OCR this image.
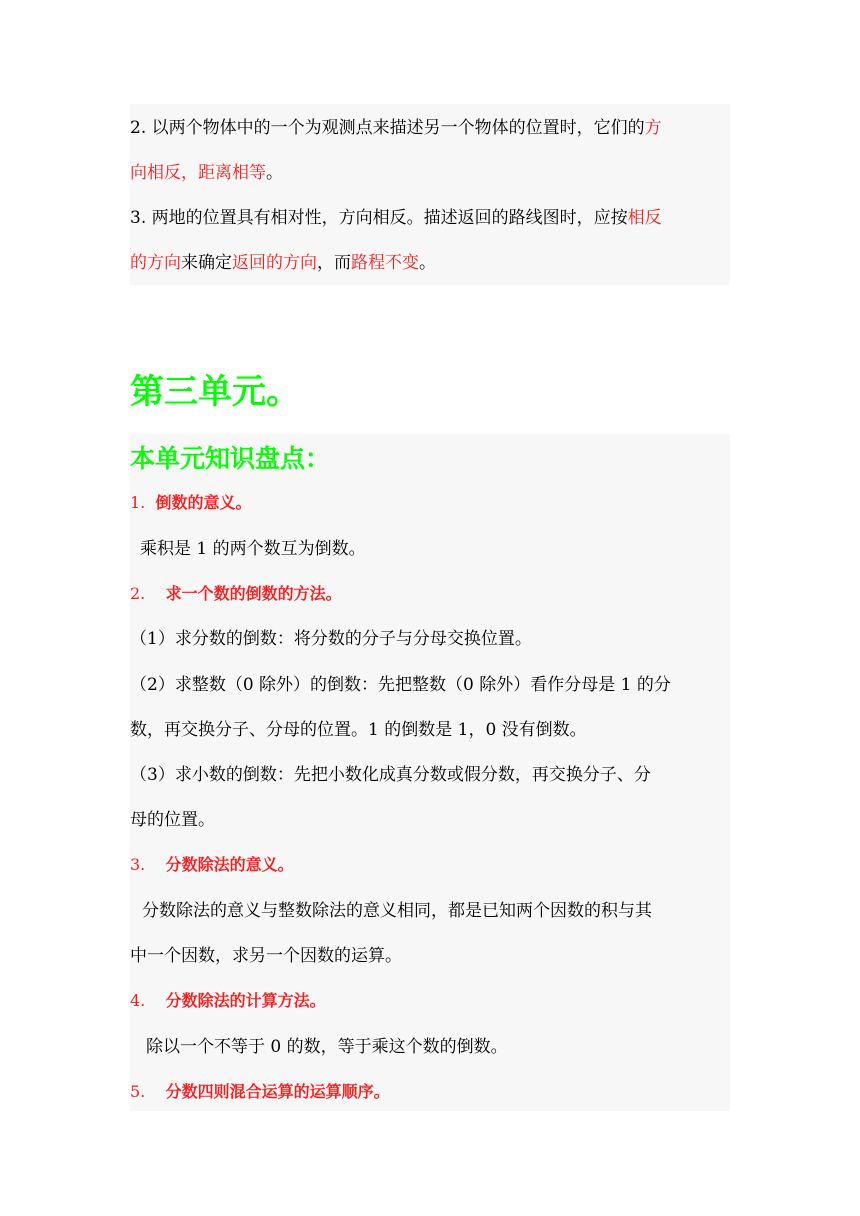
2. 以两个物体中的一个为观测点来描述另一个物体的位置时，它们的方
向相反，距离相等。
3. 两地的位置具有相对性，方向相反。描述返回的路线图时，应按相反
的方向来确定返回的方向，而路程不变。
第三单元。
本单元知识盘点：
1. 倒数的意义。
乘积是 1 的两个数互为倒数。
2. 求一个数的倒数的方法。
（1）求分数的倒数：将分数的分子与分母交换位置。
（2）求整数（0 除外）的倒数：先把整数（0 除外）看作分母是 1 的分
数，再交换分子、分母的位置。1 的倒数是 1，0 没有倒数。
（3）求小数的倒数：先把小数化成真分数或假分数，再交换分子、分
母的位置。
3. 分数除法的意义。
分数除法的意义与整数除法的意义相同，都是已知两个因数的积与其
中一个因数，求另一个因数的运算。
4. 分数除法的计算方法。
除以一个不等于 0 的数，等于乘这个数的倒数。
5. 分数四则混合运算的运算顺序。
